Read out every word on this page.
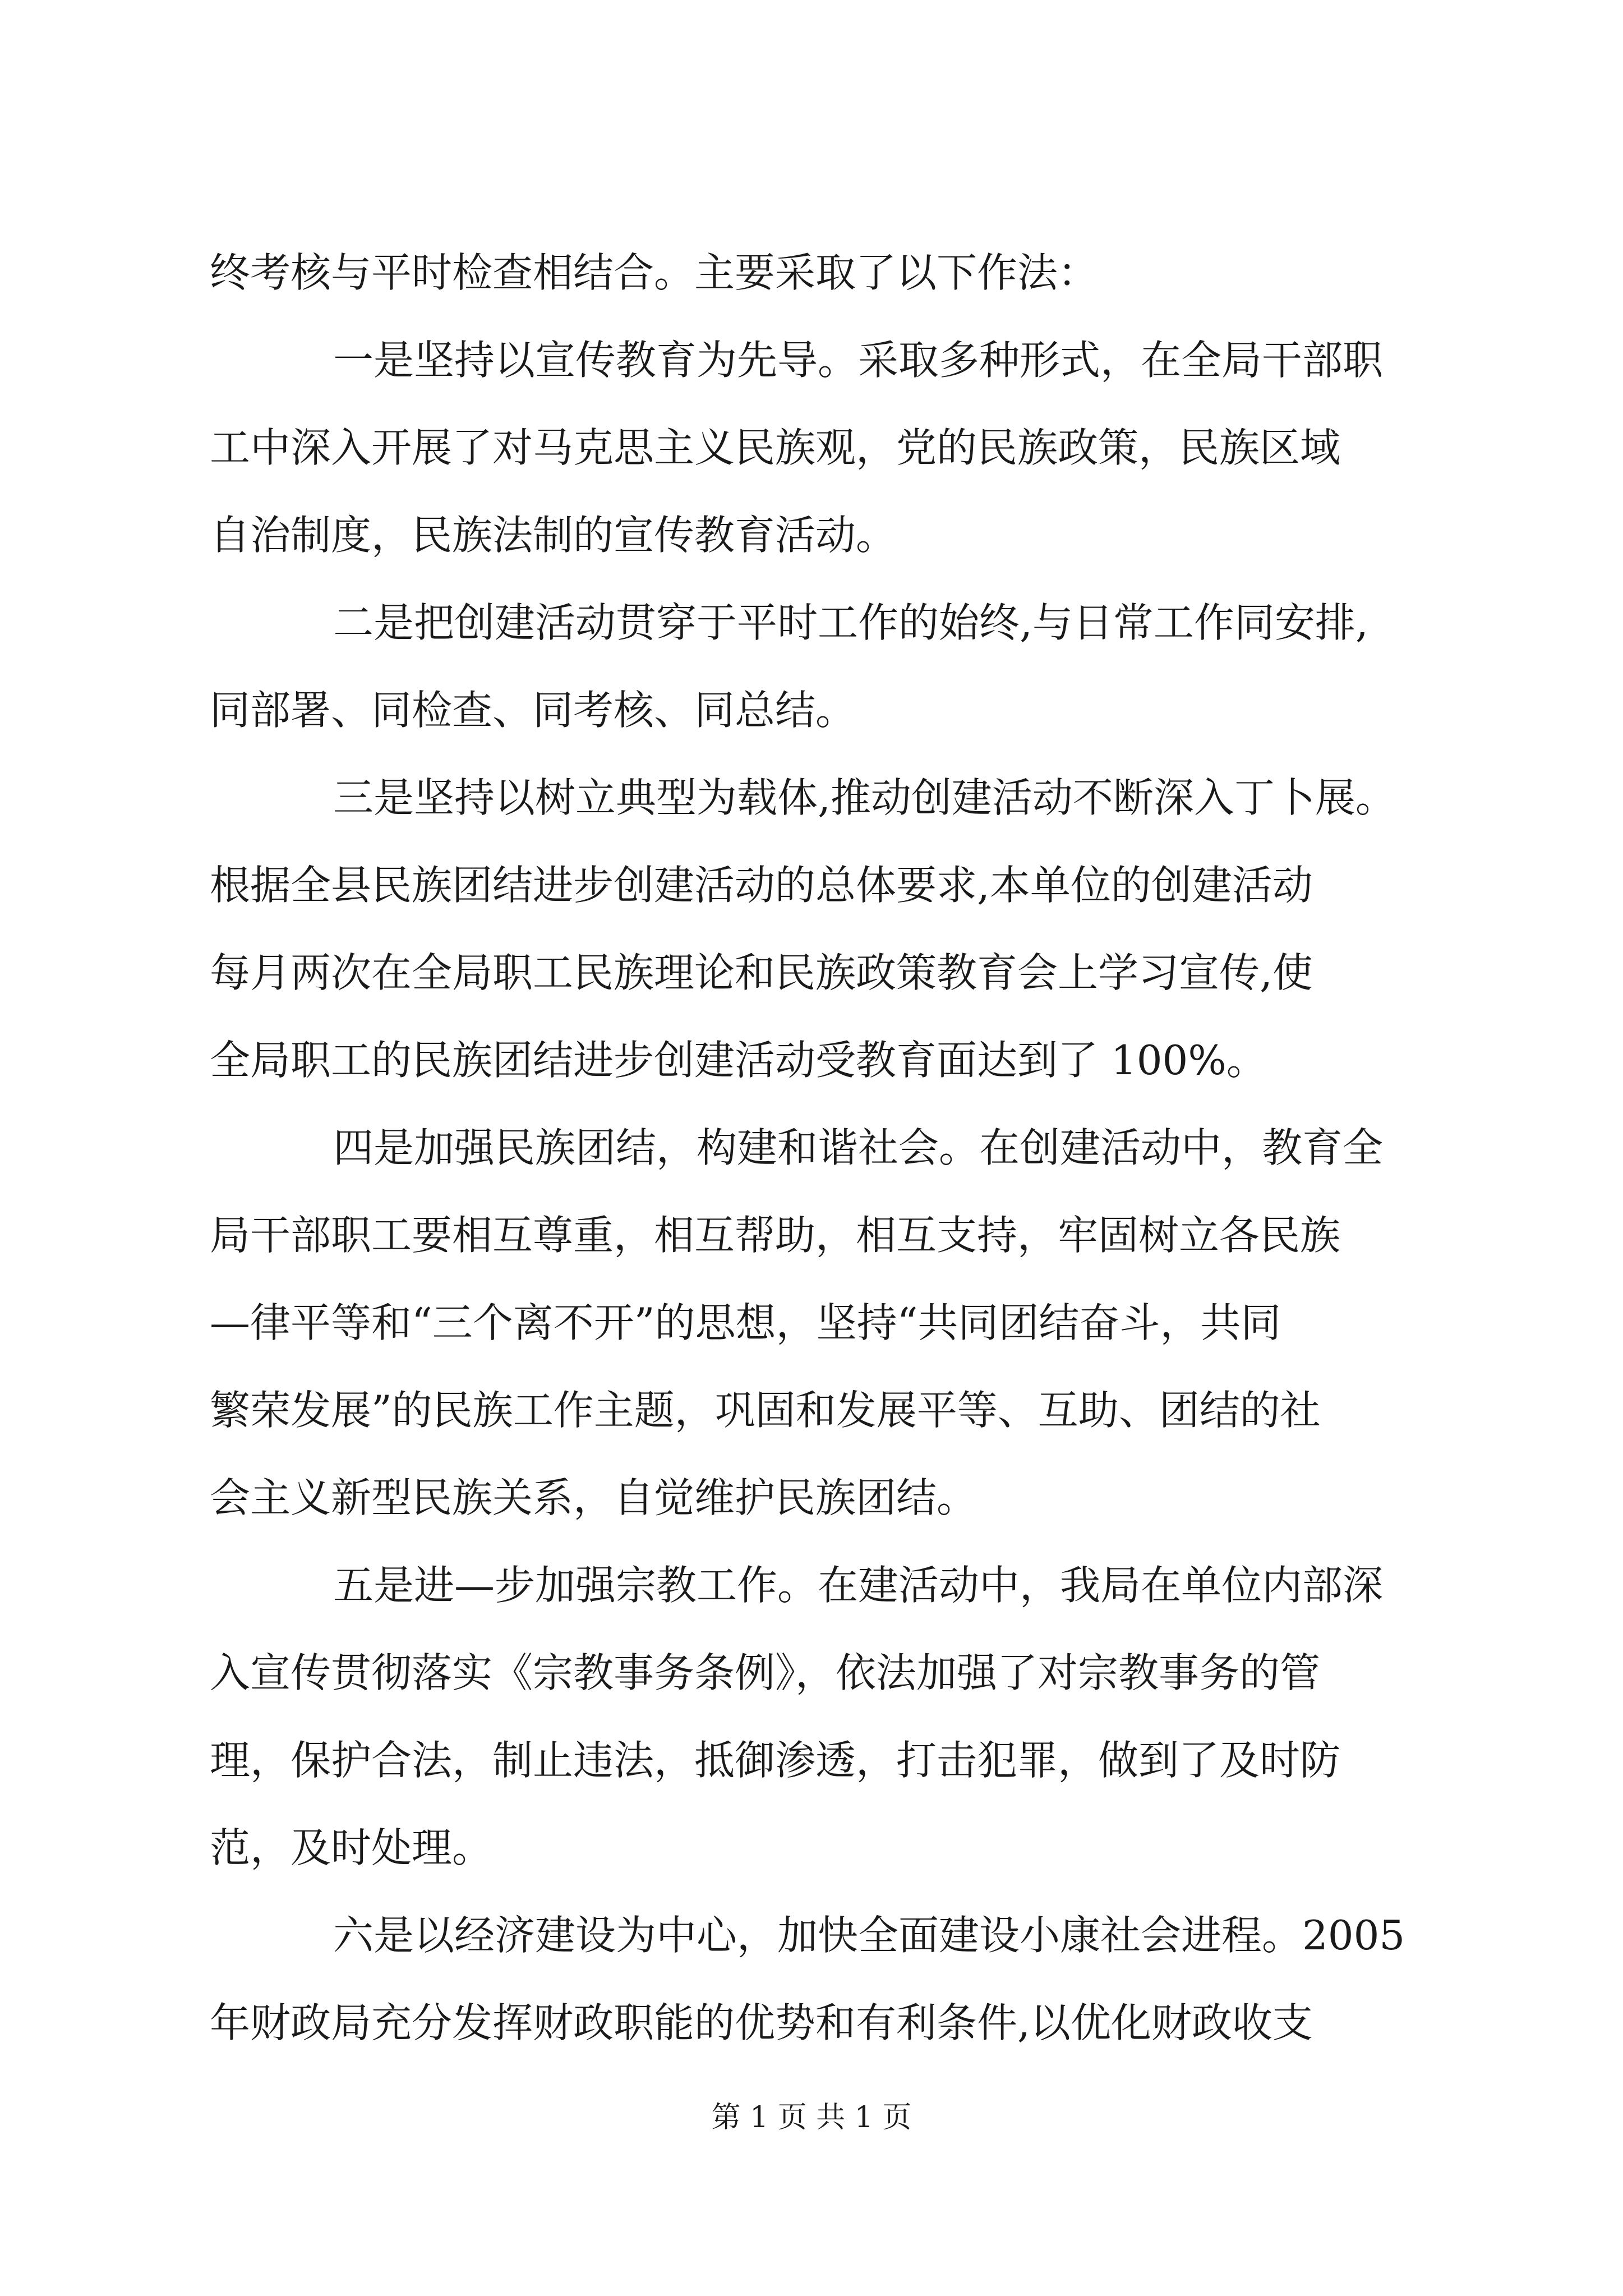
终考核与平时检查相结合。主要采取了以下作法：
一是坚持以宣传教育为先导。采取多种形式，在全局干部职
工中深入开展了对马克思主义民族观，党的民族政策，民族区域
自治制度，民族法制的宣传教育活动。
二是把创建活动贯穿于平时工作的始终,与日常工作同安排,
同部署、同检查、同考核、同总结。
三是坚持以树立典型为载体,推动创建活动不断深入丁卜展。
根据全县民族团结进步创建活动的总体要求,本单位的创建活动
每月两次在全局职工民族理论和民族政策教育会上学习宣传,使
全局职工的民族团结进步创建活动受教育面达到了 100%。
四是加强民族团结，构建和谐社会。在创建活动中，教育全
局干部职工要相互尊重，相互帮助，相互支持，牢固树立各民族
—律平等和“三个离不开”的思想，坚持“共同团结奋斗，共同
繁荣发展”的民族工作主题，巩固和发展平等、互助、团结的社
会主义新型民族关系，自觉维护民族团结。
五是进—步加强宗教工作。在建活动中，我局在单位内部深
入宣传贯彻落实《宗教事务条例》，依法加强了对宗教事务的管
理，保护合法，制止违法，抵御渗透，打击犯罪，做到了及时防
范，及时处理。
六是以经济建设为中心，加快全面建设小康社会进程。2005
年财政局充分发挥财政职能的优势和有利条件,以优化财政收支
第 1 页 共 1 页
